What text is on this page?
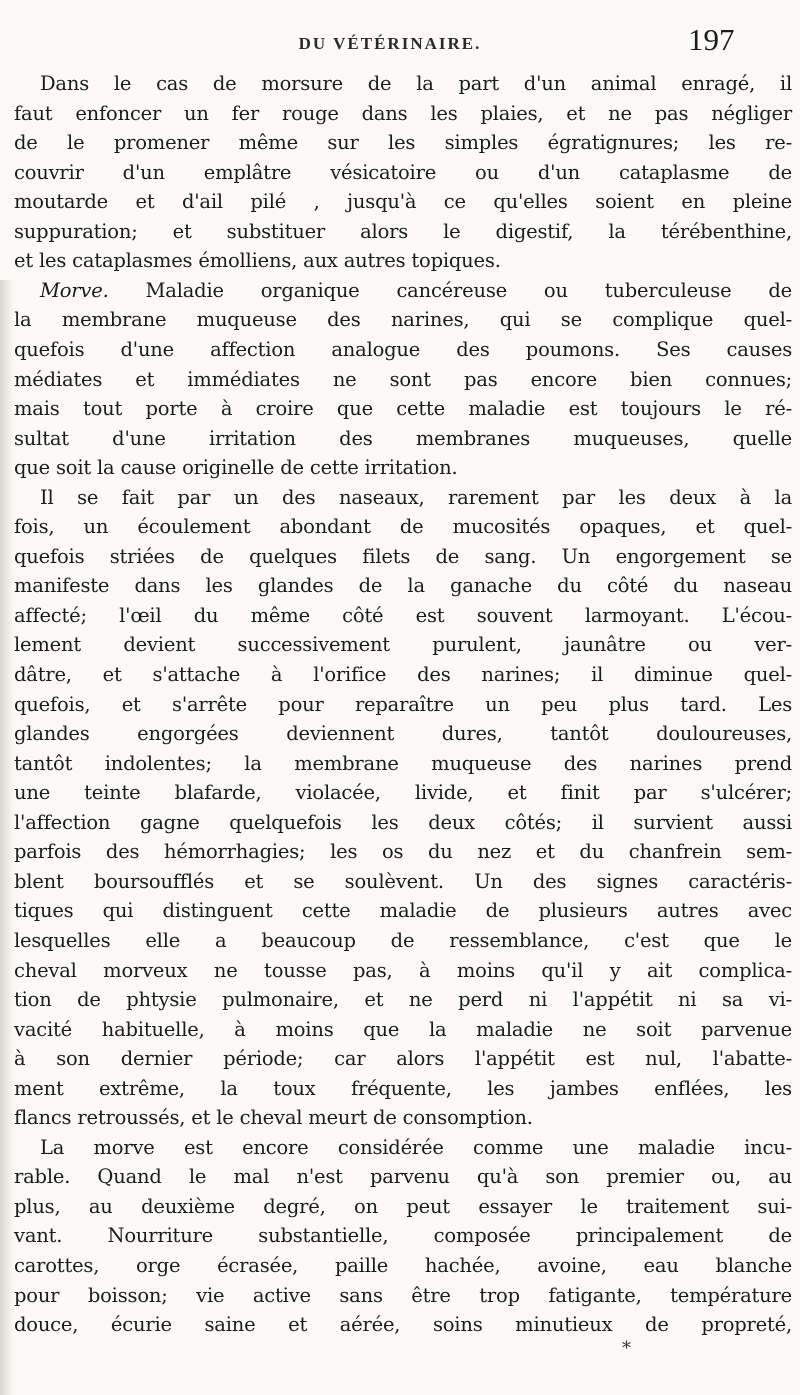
DU VÉTÉRINAIRE.	197
Dans le cas de morsure de la part d'un animal enragé, il
faut enfoncer un fer rouge dans les plaies, et ne pas négliger
de le promener même sur les simples égratignures; les re-
couvrir d'un emplâtre vésicatoire ou d'un cataplasme de
moutarde et d'ail pilé , jusqu'à ce qu'elles soient en pleine
suppuration; et substituer alors le digestif, la térébenthine,
et les cataplasmes émolliens, aux autres topiques.
Morve. Maladie organique cancéreuse ou tuberculeuse de
la membrane muqueuse des narines, qui se complique quel-
quefois d'une affection analogue des poumons. Ses causes
médiates et immédiates ne sont pas encore bien connues;
mais tout porte à croire que cette maladie est toujours le ré-
sultat d'une irritation des membranes muqueuses, quelle
que soit la cause originelle de cette irritation.
Il se fait par un des naseaux, rarement par les deux à la
fois, un écoulement abondant de mucosités opaques, et quel-
quefois striées de quelques filets de sang. Un engorgement se
manifeste dans les glandes de la ganache du côté du naseau
affecté; l'œil du même côté est souvent larmoyant. L'écou-
lement devient successivement purulent, jaunâtre ou ver-
dâtre, et s'attache à l'orifice des narines; il diminue quel-
quefois, et s'arrête pour reparaître un peu plus tard. Les
glandes engorgées deviennent dures, tantôt douloureuses,
tantôt indolentes; la membrane muqueuse des narines prend
une teinte blafarde, violacée, livide, et finit par s'ulcérer;
l'affection gagne quelquefois les deux côtés; il survient aussi
parfois des hémorrhagies; les os du nez et du chanfrein sem-
blent boursoufflés et se soulèvent. Un des signes caractéris-
tiques qui distinguent cette maladie de plusieurs autres avec
lesquelles elle a beaucoup de ressemblance, c'est que le
cheval morveux ne tousse pas, à moins qu'il y ait complica-
tion de phtysie pulmonaire, et ne perd ni l'appétit ni sa vi-
vacité habituelle, à moins que la maladie ne soit parvenue
à son dernier période; car alors l'appétit est nul, l'abatte-
ment extrême, la toux fréquente, les jambes enflées, les
flancs retroussés, et le cheval meurt de consomption.
La morve est encore considérée comme une maladie incu-
rable. Quand le mal n'est parvenu qu'à son premier ou, au
plus, au deuxième degré, on peut essayer le traitement sui-
vant. Nourriture substantielle, composée principalement de
carottes, orge écrasée, paille hachée, avoine, eau blanche
pour boisson; vie active sans être trop fatigante, température
douce, écurie saine et aérée, soins minutieux de propreté,
*
